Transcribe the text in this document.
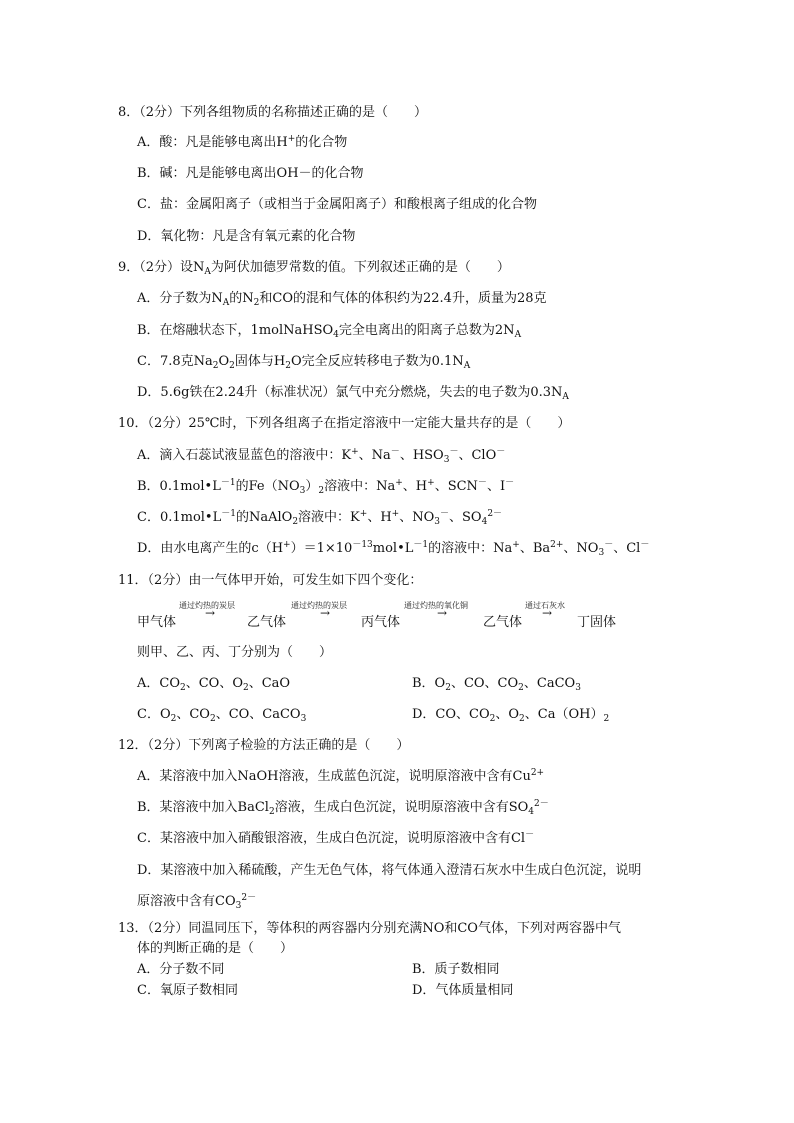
8．（2分）下列各组物质的名称描述正确的是（　　）
A．酸：凡是能够电离出H+的化合物
B．碱：凡是能够电离出OH－的化合物
C．盐：金属阳离子（或相当于金属阳离子）和酸根离子组成的化合物
D．氧化物：凡是含有氧元素的化合物
9．（2分）设$N_A$为阿伏加德罗常数的值。下列叙述正确的是（　　）
A．分子数为$N_A$的$N_2$和CO的混和气体的体积约为22.4升，质量为28克
B．在熔融状态下，1molNaHSO$_4$完全电离出的阳离子总数为$2N_A$
C．7.8克$Na_2O_2$固体与$H_2O$完全反应转移电子数为$0.1N_A$
D．5.6g铁在2.24升（标准状况）氯气中充分燃烧，失去的电子数为$0.3N_A$
10．（2分）25℃时，下列各组离子在指定溶液中一定能大量共存的是（　　）
A．滴入石蕊试液显蓝色的溶液中：K+、Na－、$HSO_3^-$、ClO－
B．$0.1mol•L^{-1}$的$Fe(NO_3)_2$溶液中：Na+、H+、SCN－、I－
C．$0.1mol•L^{-1}$的NaAlO$_2$溶液中：K+、H+、$NO_3^-$、$SO_4^{2-}$
D．由水电离产生的$c(H^+)=1\times 10^{-13}mol•L^{-1}$的溶液中：Na+、$Ba^{2+}$、$NO_3^-$、Cl－
11．（2分）由一气体甲开始，可发生如下四个变化：
甲气体
通过灼热的炭层
→
乙气体
通过灼热的炭层
→
丙气体
通过灼热的氧化铜
→
乙气体
通过石灰水
→
丁固体
则甲、乙、丙、丁分别为（　　）
A．$CO_2$、CO、$O_2$、CaO	B．$O_2$、CO、$CO_2$、CaCO$_3$
C．$O_2$、$CO_2$、CO、CaCO$_3$	D．CO、$CO_2$、$O_2$、$Ca(OH)_2$
12．（2分）下列离子检验的方法正确的是（　　）
A．某溶液中加入NaOH溶液，生成蓝色沉淀，说明原溶液中含有$Cu^{2+}$
B．某溶液中加入BaCl$_2$溶液，生成白色沉淀，说明原溶液中含有$SO_4^{2-}$
C．某溶液中加入硝酸银溶液，生成白色沉淀，说明原溶液中含有Cl－
D．某溶液中加入稀硫酸，产生无色气体，将气体通入澄清石灰水中生成白色沉淀，说明
原溶液中含有$CO_3^{2-}$
13．（2分）同温同压下，等体积的两容器内分别充满NO和CO气体，下列对两容器中气
体的判断正确的是（　　）
A．分子数不同	B．质子数相同
C．氧原子数相同	D．气体质量相同
